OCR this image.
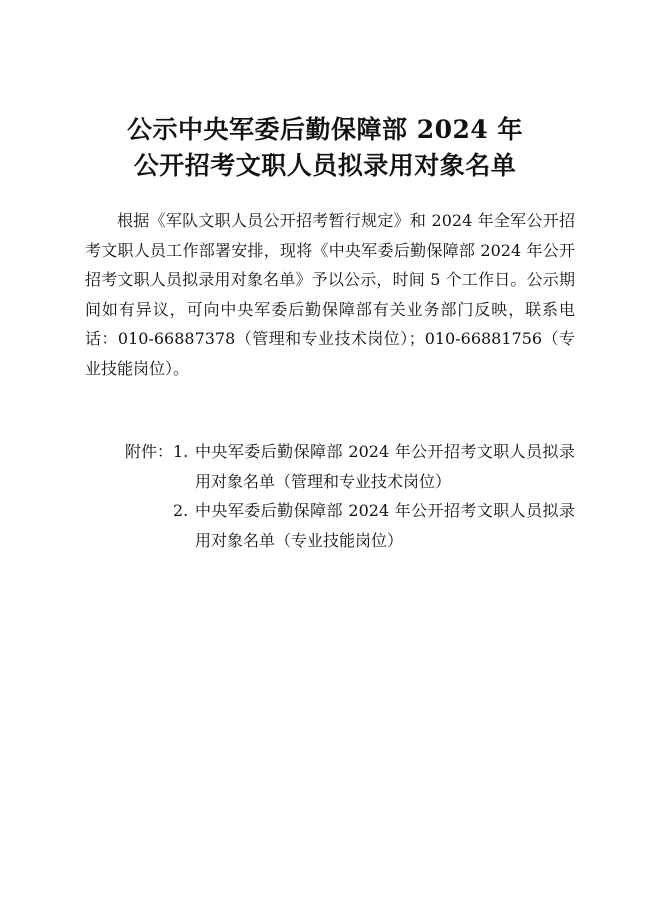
公示中央军委后勤保障部 2024 年
公开招考文职人员拟录用对象名单

根据《军队文职人员公开招考暂行规定》和 2024 年全军公开招考文职人员工作部署安排，现将《中央军委后勤保障部 2024 年公开招考文职人员拟录用对象名单》予以公示，时间 5 个工作日。公示期间如有异议，可向中央军委后勤保障部有关业务部门反映，联系电话：010-66887378（管理和专业技术岗位）；010-66881756（专业技能岗位）。

附件： 1. 中央军委后勤保障部 2024 年公开招考文职人员拟录用对象名单（管理和专业技术岗位）
2. 中央军委后勤保障部 2024 年公开招考文职人员拟录用对象名单（专业技能岗位）
